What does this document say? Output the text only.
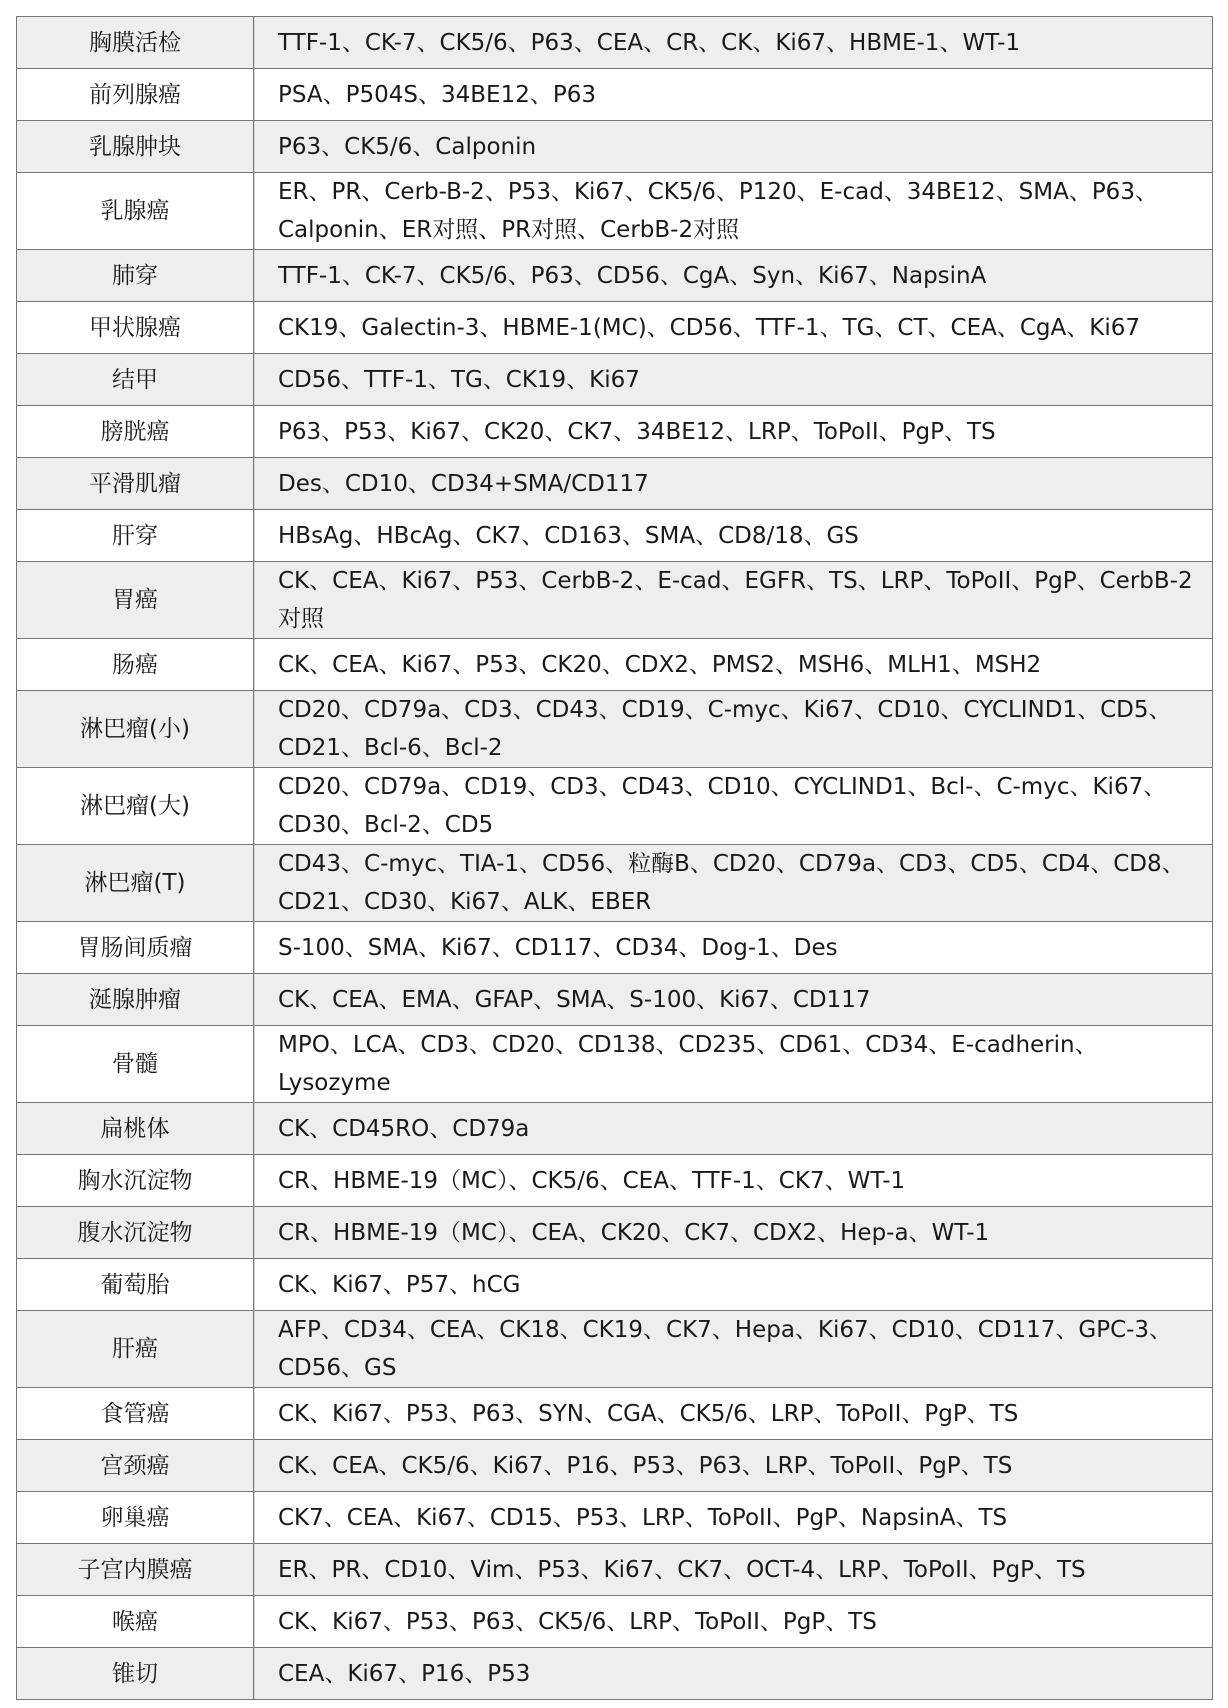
胸膜活检	TTF-1、CK-7、CK5/6、P63、CEA、CR、CK、Ki67、HBME-1、WT-1
前列腺癌	PSA、P504S、34BE12、P63
乳腺肿块	P63、CK5/6、Calponin
乳腺癌	ER、PR、Cerb-B-2、P53、Ki67、CK5/6、P120、E-cad、34BE12、SMA、P63、Calponin、ER对照、PR对照、CerbB-2对照
肺穿	TTF-1、CK-7、CK5/6、P63、CD56、CgA、Syn、Ki67、NapsinA
甲状腺癌	CK19、Galectin-3、HBME-1(MC)、CD56、TTF-1、TG、CT、CEA、CgA、Ki67
结甲	CD56、TTF-1、TG、CK19、Ki67
膀胱癌	P63、P53、Ki67、CK20、CK7、34BE12、LRP、ToPoII、PgP、TS
平滑肌瘤	Des、CD10、CD34+SMA/CD117
肝穿	HBsAg、HBcAg、CK7、CD163、SMA、CD8/18、GS
胃癌	CK、CEA、Ki67、P53、CerbB-2、E-cad、EGFR、TS、LRP、ToPoII、PgP、CerbB-2对照
肠癌	CK、CEA、Ki67、P53、CK20、CDX2、PMS2、MSH6、MLH1、MSH2
淋巴瘤(小)	CD20、CD79a、CD3、CD43、CD19、C-myc、Ki67、CD10、CYCLIND1、CD5、CD21、Bcl-6、Bcl-2
淋巴瘤(大)	CD20、CD79a、CD19、CD3、CD43、CD10、CYCLIND1、Bcl-、C-myc、Ki67、CD30、Bcl-2、CD5
淋巴瘤(T)	CD43、C-myc、TIA-1、CD56、粒酶B、CD20、CD79a、CD3、CD5、CD4、CD8、CD21、CD30、Ki67、ALK、EBER
胃肠间质瘤	S-100、SMA、Ki67、CD117、CD34、Dog-1、Des
涎腺肿瘤	CK、CEA、EMA、GFAP、SMA、S-100、Ki67、CD117
骨髓	MPO、LCA、CD3、CD20、CD138、CD235、CD61、CD34、E-cadherin、Lysozyme
扁桃体	CK、CD45RO、CD79a
胸水沉淀物	CR、HBME-19（MC）、CK5/6、CEA、TTF-1、CK7、WT-1
腹水沉淀物	CR、HBME-19（MC）、CEA、CK20、CK7、CDX2、Hep-a、WT-1
葡萄胎	CK、Ki67、P57、hCG
肝癌	AFP、CD34、CEA、CK18、CK19、CK7、Hepa、Ki67、CD10、CD117、GPC-3、CD56、GS
食管癌	CK、Ki67、P53、P63、SYN、CGA、CK5/6、LRP、ToPoII、PgP、TS
宫颈癌	CK、CEA、CK5/6、Ki67、P16、P53、P63、LRP、ToPoII、PgP、TS
卵巢癌	CK7、CEA、Ki67、CD15、P53、LRP、ToPoII、PgP、NapsinA、TS
子宫内膜癌	ER、PR、CD10、Vim、P53、Ki67、CK7、OCT-4、LRP、ToPoII、PgP、TS
喉癌	CK、Ki67、P53、P63、CK5/6、LRP、ToPoII、PgP、TS
锥切	CEA、Ki67、P16、P53
